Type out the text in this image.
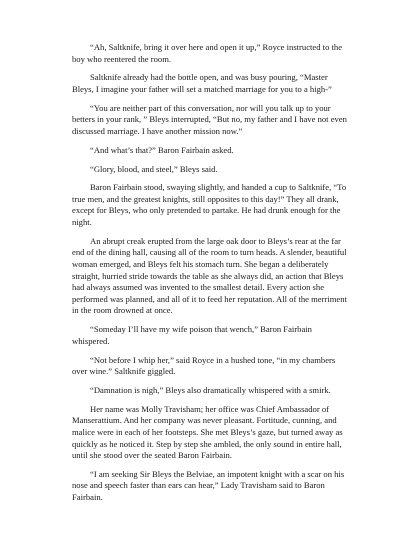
“Ah, Saltknife, bring it over here and open it up,” Royce instructed to the boy who reentered the room.

Saltknife already had the bottle open, and was busy pouring, “Master Bleys, I imagine your father will set a matched marriage for you to a high-”

“You are neither part of this conversation, nor will you talk up to your betters in your rank, ” Bleys interrupted, “But no, my father and I have not even discussed marriage. I have another mission now.”

“And what’s that?” Baron Fairbain asked.

“Glory, blood, and steel,” Bleys said.

Baron Fairbain stood, swaying slightly, and handed a cup to Saltknife, “To true men, and the greatest knights, still opposites to this day!” They all drank, except for Bleys, who only pretended to partake. He had drunk enough for the night.

An abrupt creak erupted from the large oak door to Bleys’s rear at the far end of the dining hall, causing all of the room to turn heads. A slender, beautiful woman emerged, and Bleys felt his stomach turn. She began a deliberately straight, hurried stride towards the table as she always did, an action that Bleys had always assumed was invented to the smallest detail. Every action she performed was planned, and all of it to feed her reputation. All of the merriment in the room drowned at once.

“Someday I’ll have my wife poison that wench,” Baron Fairbain whispered.

“Not before I whip her,” said Royce in a hushed tone, “in my chambers over wine.” Saltknife giggled.

“Damnation is nigh,” Bleys also dramatically whispered with a smirk.

Her name was Molly Travisham; her office was Chief Ambassador of Manserattium. And her company was never pleasant. Fortitude, cunning, and malice were in each of her footsteps. She met Bleys’s gaze, but turned away as quickly as he noticed it. Step by step she ambled, the only sound in entire hall, until she stood over the seated Baron Fairbain.

“I am seeking Sir Bleys the Belviae, an impotent knight with a scar on his nose and speech faster than ears can hear,” Lady Travisham said to Baron Fairbain.
